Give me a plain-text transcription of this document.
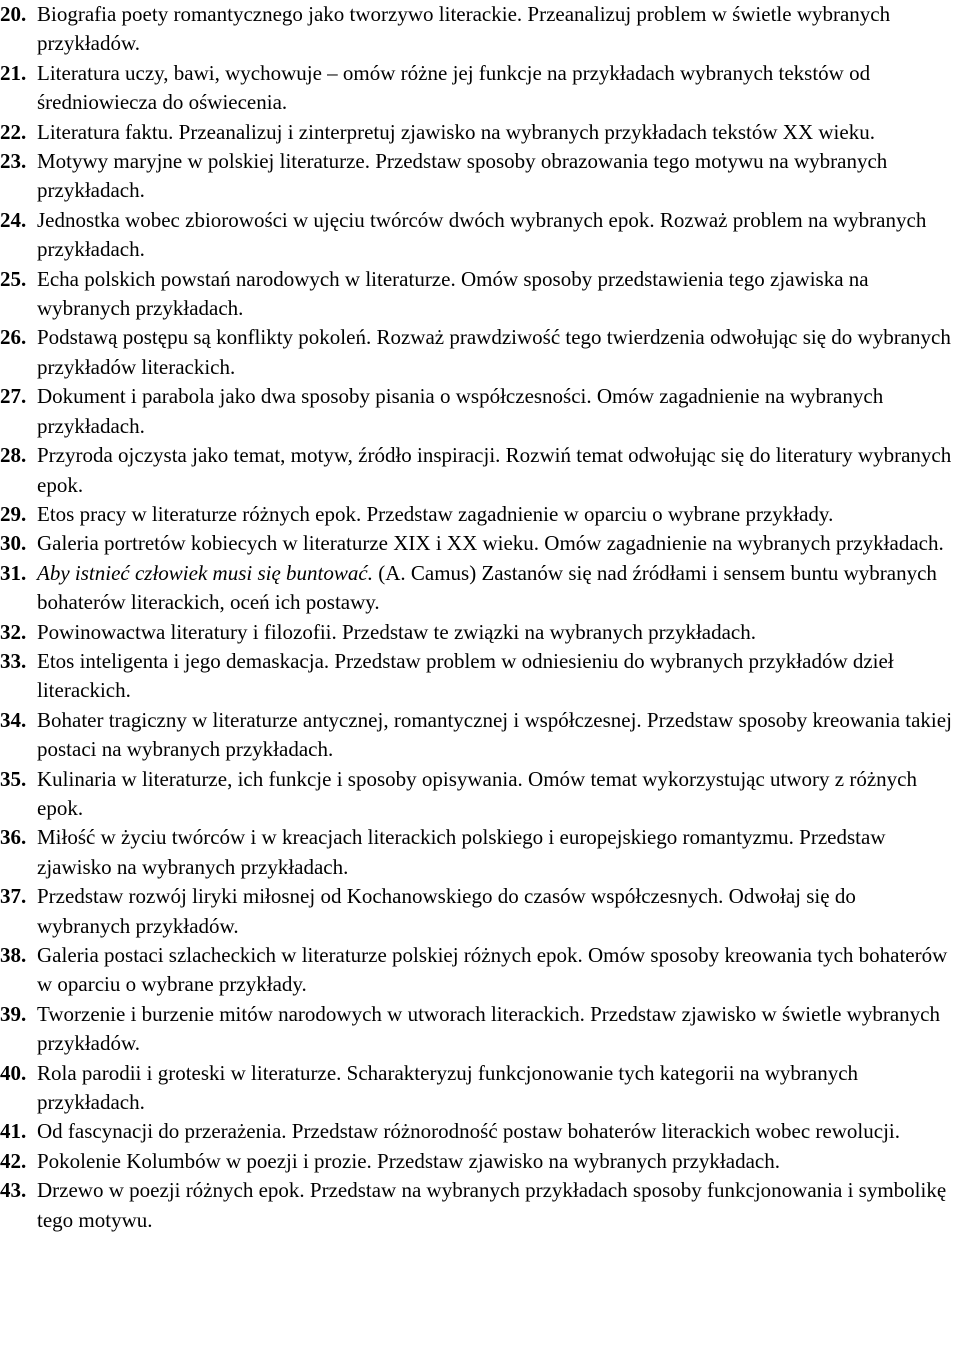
20. Biografia poety romantycznego jako tworzywo literackie. Przeanalizuj problem w świetle wybranych przykładów.
21. Literatura uczy, bawi, wychowuje – omów różne jej funkcje na przykładach wybranych tekstów od średniowiecza do oświecenia.
22. Literatura faktu. Przeanalizuj i zinterpretuj zjawisko na wybranych przykładach tekstów XX wieku.
23. Motywy maryjne w polskiej literaturze. Przedstaw sposoby obrazowania tego motywu na wybranych przykładach.
24. Jednostka wobec zbiorowości w ujęciu twórców dwóch wybranych epok. Rozważ problem na wybranych przykładach.
25. Echa polskich powstań narodowych w literaturze. Omów sposoby przedstawienia tego zjawiska na wybranych przykładach.
26. Podstawą postępu są konflikty pokoleń. Rozważ prawdziwość tego twierdzenia odwołując się do wybranych przykładów literackich.
27. Dokument i parabola jako dwa sposoby pisania o współczesności. Omów zagadnienie na wybranych przykładach.
28. Przyroda ojczysta jako temat, motyw, źródło inspiracji. Rozwiń temat odwołując się do literatury wybranych epok.
29. Etos pracy w literaturze różnych epok. Przedstaw zagadnienie w oparciu o wybrane przykłady.
30. Galeria portretów kobiecych w literaturze XIX i XX wieku. Omów zagadnienie na wybranych przykładach.
31. Aby istnieć człowiek musi się buntować. (A. Camus) Zastanów się nad źródłami i sensem buntu wybranych bohaterów literackich, oceń ich postawy.
32. Powinowactwa literatury i filozofii. Przedstaw te związki na wybranych przykładach.
33. Etos inteligenta i jego demaskacja. Przedstaw problem w odniesieniu do wybranych przykładów dzieł literackich.
34. Bohater tragiczny w literaturze antycznej, romantycznej i współczesnej. Przedstaw sposoby kreowania takiej postaci na wybranych przykładach.
35. Kulinaria w literaturze, ich funkcje i sposoby opisywania. Omów temat wykorzystując utwory z różnych epok.
36. Miłość w życiu twórców i w kreacjach literackich polskiego i europejskiego romantyzmu. Przedstaw zjawisko na wybranych przykładach.
37. Przedstaw rozwój liryki miłosnej od Kochanowskiego do czasów współczesnych. Odwołaj się do wybranych przykładów.
38. Galeria postaci szlacheckich w literaturze polskiej różnych epok. Omów sposoby kreowania tych bohaterów w oparciu o wybrane przykłady.
39. Tworzenie i burzenie mitów narodowych w utworach literackich. Przedstaw zjawisko w świetle wybranych przykładów.
40. Rola parodii i groteski w literaturze. Scharakteryzuj funkcjonowanie tych kategorii na wybranych przykładach.
41. Od fascynacji do przerażenia. Przedstaw różnorodność postaw bohaterów literackich wobec rewolucji.
42. Pokolenie Kolumbów w poezji i prozie. Przedstaw zjawisko na wybranych przykładach.
43. Drzewo w poezji różnych epok. Przedstaw na wybranych przykładach sposoby funkcjonowania i symbolikę tego motywu.
